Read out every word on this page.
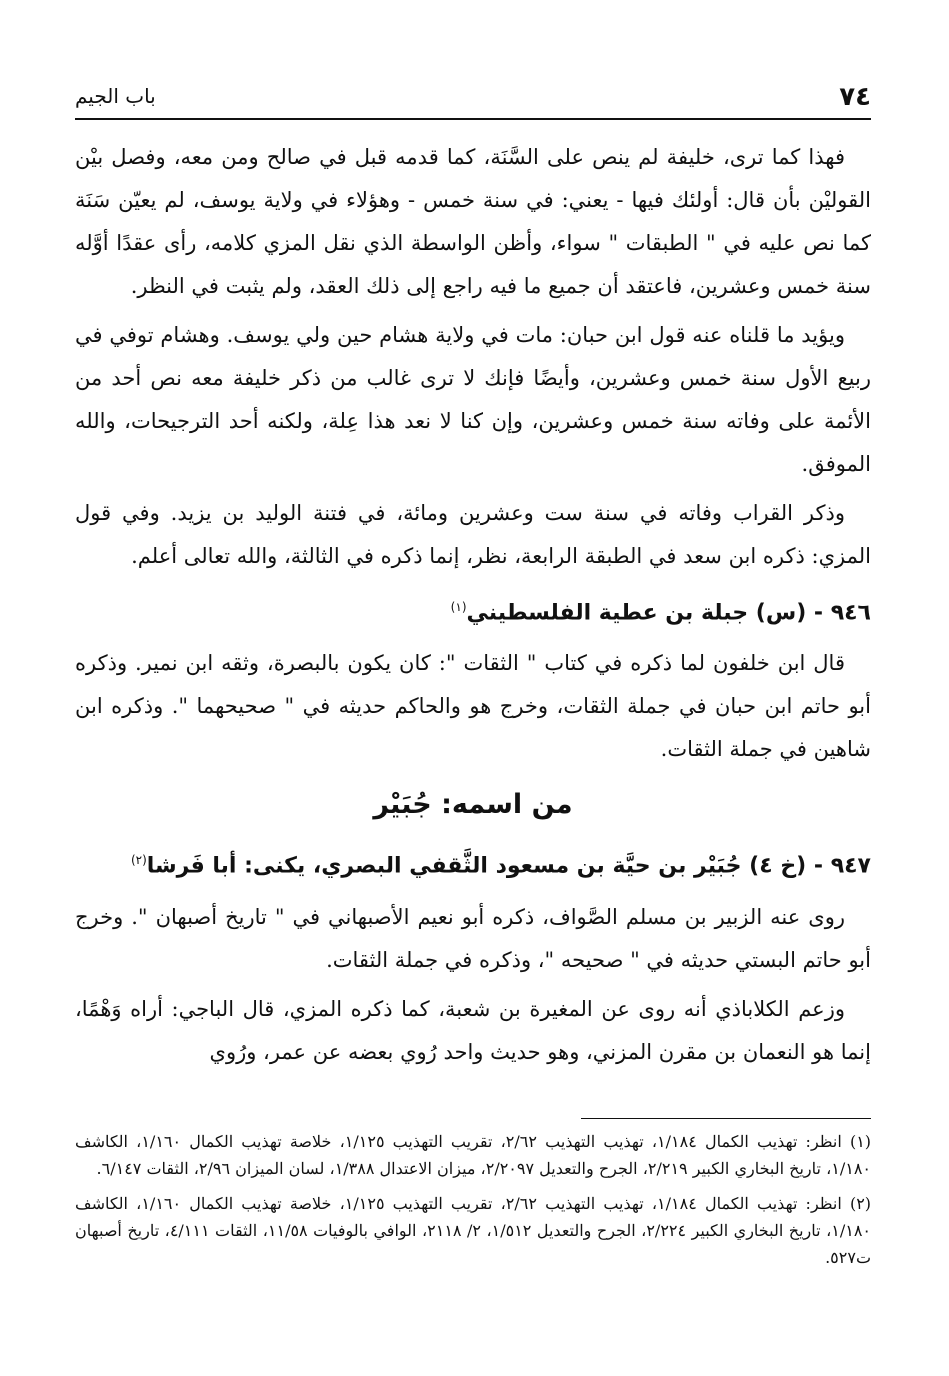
٧٤
باب الجيم

فهذا كما ترى، خليفة لم ينص على السَّنَة، كما قدمه قبل في صالح ومن معه، وفصل بيْن القوليْن بأن قال: أولئك فيها - يعني: في سنة خمس - وهؤلاء في ولاية يوسف، لم يعيّن سَنَة كما نص عليه في " الطبقات " سواء، وأظن الواسطة الذي نقل المزي كلامه، رأى عقدًا أوَّله سنة خمس وعشرين، فاعتقد أن جميع ما فيه راجع إلى ذلك العقد، ولم يثبت في النظر.

ويؤيد ما قلناه عنه قول ابن حبان: مات في ولاية هشام حين ولي يوسف. وهشام توفي في ربيع الأول سنة خمس وعشرين، وأيضًا فإنك لا ترى غالب من ذكر خليفة معه نص أحد من الأئمة على وفاته سنة خمس وعشرين، وإن كنا لا نعد هذا عِلة، ولكنه أحد الترجيحات، والله الموفق.

وذكر القراب وفاته في سنة ست وعشرين ومائة، في فتنة الوليد بن يزيد. وفي قول المزي: ذكره ابن سعد في الطبقة الرابعة، نظر، إنما ذكره في الثالثة، والله تعالى أعلم.

٩٤٦ - (س) جبلة بن عطية الفلسطيني$^{(١)}$

قال ابن خلفون لما ذكره في كتاب " الثقات ": كان يكون بالبصرة، وثقه ابن نمير. وذكره أبو حاتم ابن حبان في جملة الثقات، وخرج هو والحاكم حديثه في " صحيحهما ". وذكره ابن شاهين في جملة الثقات.

من اسمه: جُبَيْر
٩٤٧ - (خ ٤) جُبَيْر بن حيَّة بن مسعود الثَّقفي البصري، يكنى: أبا فَرشا$^{(٢)}$

روى عنه الزبير بن مسلم الصَّواف، ذكره أبو نعيم الأصبهاني في " تاريخ أصبهان ". وخرج أبو حاتم البستي حديثه في " صحيحه "، وذكره في جملة الثقات.

وزعم الكلاباذي أنه روى عن المغيرة بن شعبة، كما ذكره المزي، قال الباجي: أراه وَهْمًا، إنما هو النعمان بن مقرن المزني، وهو حديث واحد رُوي بعضه عن عمر، ورُوي

(١) انظر: تهذيب الكمال ١/١٨٤، تهذيب التهذيب ٢/٦٢، تقريب التهذيب ١/١٢٥، خلاصة تهذيب الكمال ١/١٦٠، الكاشف ١/١٨٠، تاريخ البخاري الكبير ٢/٢١٩، الجرح والتعديل ٢/٢٠٩٧، ميزان الاعتدال ١/٣٨٨، لسان الميزان ٢/٩٦، الثقات ٦/١٤٧.

(٢) انظر: تهذيب الكمال ١/١٨٤، تهذيب التهذيب ٢/٦٢، تقريب التهذيب ١/١٢٥، خلاصة تهذيب الكمال ١/١٦٠، الكاشف ١/١٨٠، تاريخ البخاري الكبير ٢/٢٢٤، الجرح والتعديل ١/٥١٢، ٢/ ٢١١٨، الوافي بالوفيات ١١/٥٨، الثقات ٤/١١١، تاريخ أصبهان ت٥٢٧.
